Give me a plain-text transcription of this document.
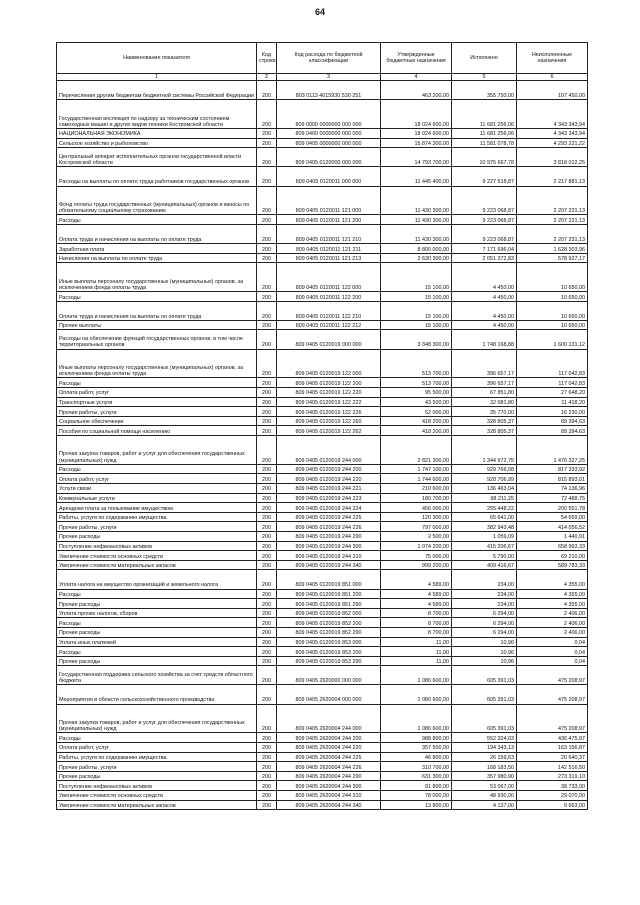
64
Наименование показателя	Код строки	Код расхода по бюджетной классификации	Утвержденные бюджетные назначения	Исполнено	Неисполненные назначения
1	2	3	4	5	6
Перечисления другим бюджетам бюджетной системы Российской Федерации	200	803 0113 4015930 530 251	463 200,00	355 750,00	107 450,00
Государственная инспекция по надзору за техническим состоянием самоходных машин и других видов техники Костромской области	200	809 0000 0000000 000 000	18 024 600,00	11 681 256,06	4 343 343,94
НАЦИОНАЛЬНАЯ ЭКОНОМИКА	200	809 0400 0000000 000 000	18 024 600,00	11 681 256,06	4 343 343,94
Сельское хозяйство и рыболовство	200	809 0405 0000000 000 000	15 874 300,00	11 581 078,78	4 293 221,22
Центральный аппарат исполнительных органов государственной власти Костромской области	200	809 0405 0120000 000 000	14 793 700,00	10 975 667,78	3 818 012,25
Расходы на выплаты по оплате труда работников государственных органов	200	809 0405 0120011 000 000	11 445 400,00	9 227 518,87	2 217 881,13
Фонд оплаты труда государственных (муниципальных) органов и взносы по обязательному социальному страхованию	200	809 0405 0120011 121 000	11 430 300,00	9 223 068,87	2 207 231,13
Расходы	200	809 0405 0120011 121 200	11 430 300,00	9 223 068,87	2 207 231,13
Оплата труда и начисления на выплаты по оплате труда	200	809 0405 0120011 121 210	11 430 300,00	9 223 068,87	2 207 231,13
Заработная плата	200	809 0405 0120011 121 211	8 800 000,00	7 171 696,04	1 628 303,96
Начисления на выплаты по оплате труда	200	809 0405 0120011 121 213	2 630 300,00	2 051 372,83	578 927,17
Иные выплаты персоналу государственных (муниципальных) органов, за исключением фонда оплаты труда	200	809 0405 0120011 122 000	15 100,00	4 450,00	10 650,00
Расходы	200	809 0405 0120011 122 200	15 100,00	4 450,00	10 650,00
Оплата труда и начисления на выплаты по оплате труда	200	809 0405 0120011 122 210	15 100,00	4 450,00	10 650,00
Прочие выплаты	200	809 0405 0120011 122 212	15 100,00	4 450,00	10 650,00
Расходы на обеспечение функций государственных органов, в том числе территориальных органов	200	809 0405 0120019 000 000	3 348 300,00	1 748 168,88	1 600 131,12
Иные выплаты персоналу государственных (муниципальных) органов, за исключением фонда оплаты труда	200	809 0405 0120019 122 000	513 700,00	396 657,17	117 042,83
Расходы	200	809 0405 0120019 122 200	513 700,00	396 657,17	117 042,83
Оплата работ, услуг	200	809 0405 0120019 122 220	95 500,00	67 851,80	27 648,20
Транспортные услуги	200	809 0405 0120019 122 222	43 500,00	32 081,80	11 418,20
Прочие работы, услуги	200	809 0405 0120019 122 226	52 000,00	35 770,00	16 230,00
Социальное обеспечение	200	809 0405 0120019 122 260	418 200,00	328 805,37	89 394,63
Пособия по социальной помощи населению	200	809 0405 0120019 122 262	418 200,00	328 805,37	89 394,63
Прочая закупка товаров, работ и услуг для обеспечения государственных (муниципальных) нужд	200	809 0405 0120019 244 000	2 821 300,00	1 344 972,75	1 476 327,25
Расходы	200	809 0405 0120019 244 200	1 747 100,00	929 766,08	817 333,92
Оплата работ, услуг	200	809 0405 0120019 244 220	1 744 600,00	928 706,99	815 893,01
Услуги связи	200	809 0405 0120019 244 221	210 600,00	136 463,04	74 136,96
Коммунальные услуги	200	809 0405 0120019 244 223	180 700,00	98 211,25	72 488,75
Арендная плата за пользование имуществом	200	809 0405 0120019 244 224	456 000,00	255 448,22	200 551,78
Работы, услуги по содержанию имущества	200	809 0405 0120019 244 225	120 300,00	65 641,00	54 659,00
Прочие работы, услуги	200	809 0405 0120019 244 226	797 000,00	382 943,48	414 056,52
Прочие расходы	200	809 0405 0120019 244 290	2 500,00	1 059,09	1 440,91
Поступление нефинансовых активов	200	809 0405 0120019 244 300	1 074 200,00	415 206,67	658 993,33
Увеличение стоимости основных средств	200	809 0405 0120019 244 310	75 000,00	5 790,00	69 210,00
Увеличение стоимости материальных запасов	200	809 0405 0120019 244 340	999 200,00	409 416,67	589 783,33
Уплата налога на имущество организаций и земельного налога	200	809 0405 0120019 851 000	4 589,00	234,00	4 355,00
Расходы	200	809 0405 0120019 851 200	4 589,00	234,00	4 355,00
Прочие расходы	200	809 0405 0120019 851 290	4 589,00	234,00	4 355,00
Уплата прочих налогов, сборов	200	809 0405 0120019 852 000	8 700,00	6 294,00	2 406,00
Расходы	200	809 0405 0120019 852 200	8 700,00	6 294,00	2 406,00
Прочие расходы	200	809 0405 0120019 852 290	8 700,00	6 294,00	2 406,00
Уплата иных платежей	200	809 0405 0120019 853 000	11,00	10,96	0,04
Расходы	200	809 0405 0120019 853 200	11,00	10,96	0,04
Прочие расходы	200	809 0405 0120019 853 290	11,00	10,96	0,04
Государственная поддержка сельского хозяйства за счет средств областного бюджета	200	809 0405 2620000 000 000	1 080 600,00	605 391,03	475 208,97
Мероприятия в области сельскохозяйственного производства	200	809 0405 2620004 000 000	1 080 600,00	605 391,03	475 208,97
Прочая закупка товаров, работ и услуг для обеспечения государственных (муниципальных) нужд	200	809 0405 2620004 244 000	1 080 600,00	605 391,03	475 208,97
Расходы	200	809 0405 2620004 244 200	988 800,00	552 324,03	436 475,97
Оплата работ, услуг	200	809 0405 2620004 244 220	357 500,00	194 343,13	163 156,87
Работы, услуги по содержанию имущества	200	809 0405 2620004 244 225	46 800,00	26 159,63	20 640,37
Прочие работы, услуги	200	809 0405 2620004 244 226	310 700,00	168 183,50	142 516,50
Прочие расходы	200	809 0405 2620004 244 290	631 300,00	357 980,90	273 319,10
Поступление нефинансовых активов	200	809 0405 2620004 244 300	91 800,00	53 067,00	38 733,00
Увеличение стоимости основных средств	200	809 0405 2620004 244 310	78 000,00	48 930,00	29 070,00
Увеличение стоимости материальных запасов	200	809 0405 2620004 244 340	13 800,00	4 137,00	9 663,00
